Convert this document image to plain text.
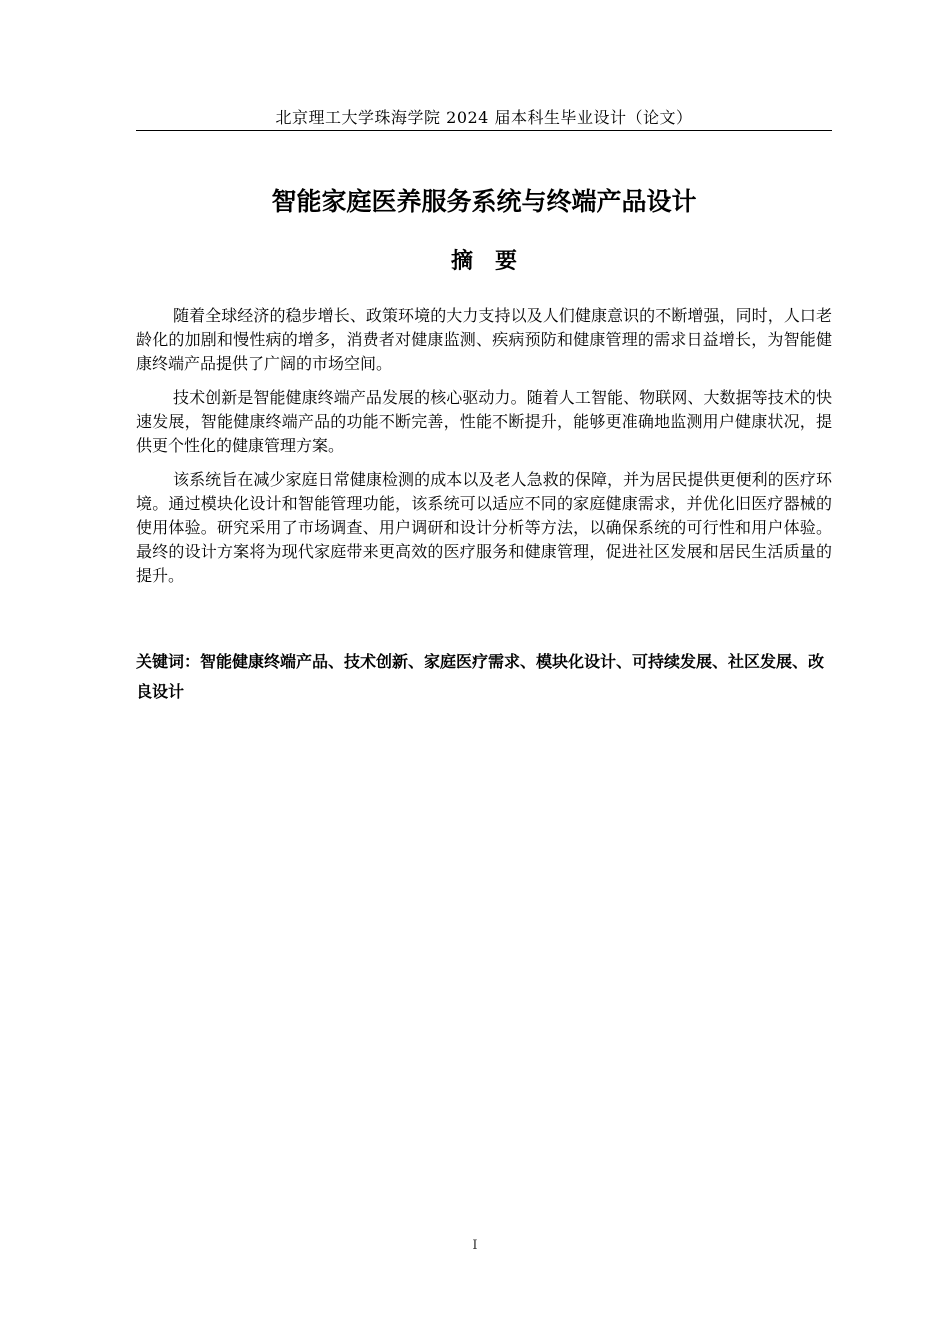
北京理工大学珠海学院 2024 届本科生毕业设计（论文）
智能家庭医养服务系统与终端产品设计
摘要

随着全球经济的稳步增长、政策环境的大力支持以及人们健康意识的不断增强，同时，人口老龄化的加剧和慢性病的增多，消费者对健康监测、疾病预防和健康管理的需求日益增长，为智能健康终端产品提供了广阔的市场空间。

技术创新是智能健康终端产品发展的核心驱动力。随着人工智能、物联网、大数据等技术的快速发展，智能健康终端产品的功能不断完善，性能不断提升，能够更准确地监测用户健康状况，提供更个性化的健康管理方案。

该系统旨在减少家庭日常健康检测的成本以及老人急救的保障，并为居民提供更便利的医疗环境。通过模块化设计和智能管理功能，该系统可以适应不同的家庭健康需求，并优化旧医疗器械的使用体验。研究采用了市场调查、用户调研和设计分析等方法，以确保系统的可行性和用户体验。最终的设计方案将为现代家庭带来更高效的医疗服务和健康管理，促进社区发展和居民生活质量的提升。

关键词：智能健康终端产品、技术创新、家庭医疗需求、模块化设计、可持续发展、社区发展、改良设计
I
